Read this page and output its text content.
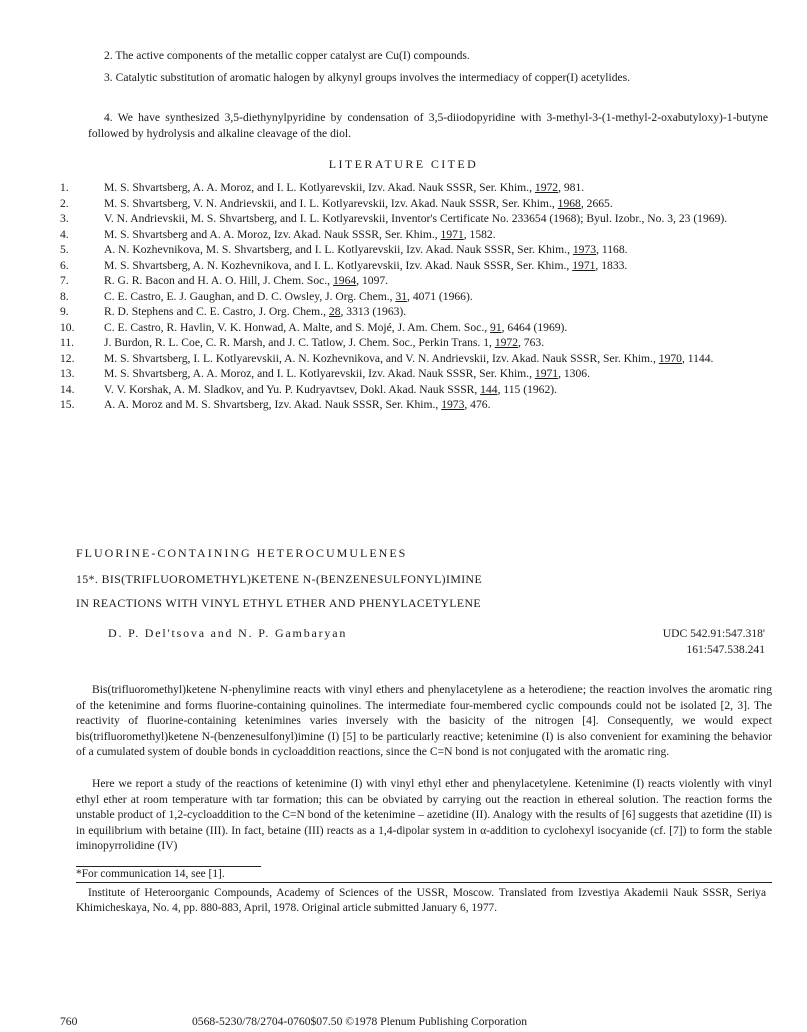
2. The active components of the metallic copper catalyst are Cu(I) compounds.

3. Catalytic substitution of aromatic halogen by alkynyl groups involves the intermediacy of copper(I) acetylides.

4. We have synthesized 3,5-diethynylpyridine by condensation of 3,5-diiodopyridine with 3-methyl-3-(1-methyl-2-oxabutyloxy)-1-butyne followed by hydrolysis and alkaline cleavage of the diol.

LITERATURE CITED
1.	M. S. Shvartsberg, A. A. Moroz, and I. L. Kotlyarevskii, Izv. Akad. Nauk SSSR, Ser. Khim., 1972, 981.
2.	M. S. Shvartsberg, V. N. Andrievskii, and I. L. Kotlyarevskii, Izv. Akad. Nauk SSSR, Ser. Khim., 1968, 2665.
3.	V. N. Andrievskii, M. S. Shvartsberg, and I. L. Kotlyarevskii, Inventor's Certificate No. 233654 (1968); Byul. Izobr., No. 3, 23 (1969).
4.	M. S. Shvartsberg and A. A. Moroz, Izv. Akad. Nauk SSSR, Ser. Khim., 1971, 1582.
5.	A. N. Kozhevnikova, M. S. Shvartsberg, and I. L. Kotlyarevskii, Izv. Akad. Nauk SSSR, Ser. Khim., 1973, 1168.
6.	M. S. Shvartsberg, A. N. Kozhevnikova, and I. L. Kotlyarevskii, Izv. Akad. Nauk SSSR, Ser. Khim., 1971, 1833.
7.	R. G. R. Bacon and H. A. O. Hill, J. Chem. Soc., 1964, 1097.
8.	C. E. Castro, E. J. Gaughan, and D. C. Owsley, J. Org. Chem., 31, 4071 (1966).
9.	R. D. Stephens and C. E. Castro, J. Org. Chem., 28, 3313 (1963).
10.	C. E. Castro, R. Havlin, V. K. Honwad, A. Malte, and S. Mojé, J. Am. Chem. Soc., 91, 6464 (1969).
11.	J. Burdon, R. L. Coe, C. R. Marsh, and J. C. Tatlow, J. Chem. Soc., Perkin Trans. 1, 1972, 763.
12.	M. S. Shvartsberg, I. L. Kotlyarevskii, A. N. Kozhevnikova, and V. N. Andrievskii, Izv. Akad. Nauk SSSR, Ser. Khim., 1970, 1144.
13.	M. S. Shvartsberg, A. A. Moroz, and I. L. Kotlyarevskii, Izv. Akad. Nauk SSSR, Ser. Khim., 1971, 1306.
14.	V. V. Korshak, A. M. Sladkov, and Yu. P. Kudryavtsev, Dokl. Akad. Nauk SSSR, 144, 115 (1962).
15.	A. A. Moroz and M. S. Shvartsberg, Izv. Akad. Nauk SSSR, Ser. Khim., 1973, 476.
FLUORINE-CONTAINING HETEROCUMULENES
15*. BIS(TRIFLUOROMETHYL)KETENE N-(BENZENESULFONYL)IMINE
IN REACTIONS WITH VINYL ETHYL ETHER AND PHENYLACETYLENE
D. P. Del'tsova and N. P. Gambaryan	UDC 542.91:547.318'
161:547.538.241

Bis(trifluoromethyl)ketene N-phenylimine reacts with vinyl ethers and phenylacetylene as a heterodiene; the reaction involves the aromatic ring of the ketenimine and forms fluorine-containing quinolines. The intermediate four-membered cyclic compounds could not be isolated [2, 3]. The reactivity of fluorine-containing ketenimines varies inversely with the basicity of the nitrogen [4]. Consequently, we would expect bis(trifluoromethyl)ketene N-(benzenesulfonyl)imine (I) [5] to be particularly reactive; ketenimine (I) is also convenient for examining the behavior of a cumulated system of double bonds in cycloaddition reactions, since the C=N bond is not conjugated with the aromatic ring.

Here we report a study of the reactions of ketenimine (I) with vinyl ethyl ether and phenylacetylene. Ketenimine (I) reacts violently with vinyl ethyl ether at room temperature with tar formation; this can be obviated by carrying out the reaction in ethereal solution. The reaction forms the unstable product of 1,2-cycloaddition to the C=N bond of the ketenimine – azetidine (II). Analogy with the results of [6] suggests that azetidine (II) is in equilibrium with betaine (III). In fact, betaine (III) reacts as a 1,4-dipolar system in α-addition to cyclohexyl isocyanide (cf. [7]) to form the stable iminopyrrolidine (IV)

*For communication 14, see [1].

Institute of Heteroorganic Compounds, Academy of Sciences of the USSR, Moscow. Translated from Izvestiya Akademii Nauk SSSR, Seriya Khimicheskaya, No. 4, pp. 880-883, April, 1978. Original article submitted January 6, 1977.

760	0568-5230/78/2704-0760$07.50 ©1978 Plenum Publishing Corporation
